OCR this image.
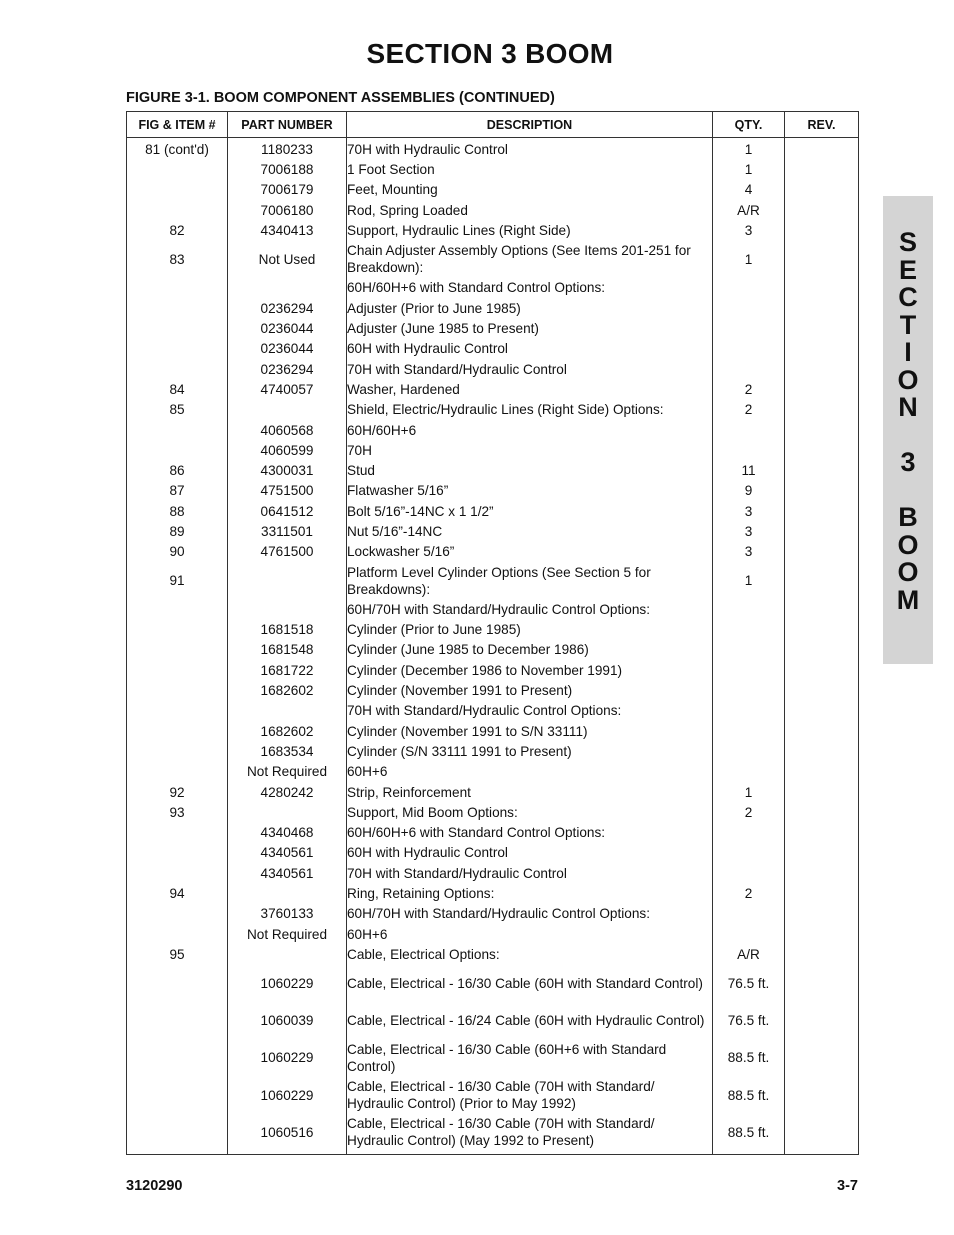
SECTION 3 BOOM
FIGURE 3-1. BOOM COMPONENT ASSEMBLIES (CONTINUED)
FIG & ITEM #	PART NUMBER	DESCRIPTION	QTY.	REV.
81 (cont'd)	1180233	70H with Hydraulic Control	1	
	7006188	1 Foot Section	1	
	7006179	Feet, Mounting	4	
	7006180	Rod, Spring Loaded	A/R	
82	4340413	Support, Hydraulic Lines (Right Side)	3	
83	Not Used	Chain Adjuster Assembly Options (See Items 201-251 for Breakdown):	1	
		60H/60H+6 with Standard Control Options:		
	0236294	Adjuster (Prior to June 1985)		
	0236044	Adjuster (June 1985 to Present)		
	0236044	60H with Hydraulic Control		
	0236294	70H with Standard/Hydraulic Control		
84	4740057	Washer, Hardened	2	
85		Shield, Electric/Hydraulic Lines (Right Side) Options:	2	
	4060568	60H/60H+6		
	4060599	70H		
86	4300031	Stud	11	
87	4751500	Flatwasher 5/16”	9	
88	0641512	Bolt 5/16”-14NC x 1 1/2”	3	
89	3311501	Nut 5/16”-14NC	3	
90	4761500	Lockwasher 5/16”	3	
91		Platform Level Cylinder Options (See Section 5 for Breakdowns):	1	
		60H/70H with Standard/Hydraulic Control Options:		
	1681518	Cylinder (Prior to June 1985)		
	1681548	Cylinder (June 1985 to December 1986)		
	1681722	Cylinder (December 1986 to November 1991)		
	1682602	Cylinder (November 1991 to Present)		
		70H with Standard/Hydraulic Control Options:		
	1682602	Cylinder (November 1991 to S/N 33111)		
	1683534	Cylinder (S/N 33111 1991 to Present)		
	Not Required	60H+6		
92	4280242	Strip, Reinforcement	1	
93		Support, Mid Boom Options:	2	
	4340468	60H/60H+6 with Standard Control Options:		
	4340561	60H with Hydraulic Control		
	4340561	70H with Standard/Hydraulic Control		
94		Ring, Retaining Options:	2	
	3760133	60H/70H with Standard/Hydraulic Control Options:		
	Not Required	60H+6		
95		Cable, Electrical Options:	A/R	
	1060229	Cable, Electrical - 16/30 Cable (60H with Standard Control)	76.5 ft.	
	1060039	Cable, Electrical - 16/24 Cable (60H with Hydraulic Control)	76.5 ft.	
	1060229	Cable, Electrical - 16/30 Cable (60H+6 with Standard Control)	88.5 ft.	
	1060229	Cable, Electrical - 16/30 Cable (70H with Standard/ Hydraulic Control) (Prior to May 1992)	88.5 ft.	
	1060516	Cable, Electrical - 16/30 Cable (70H with Standard/ Hydraulic Control) (May 1992 to Present)	88.5 ft.	
S
E
C
T
I
O
N
3
B
O
O
M
3120290	3-7
